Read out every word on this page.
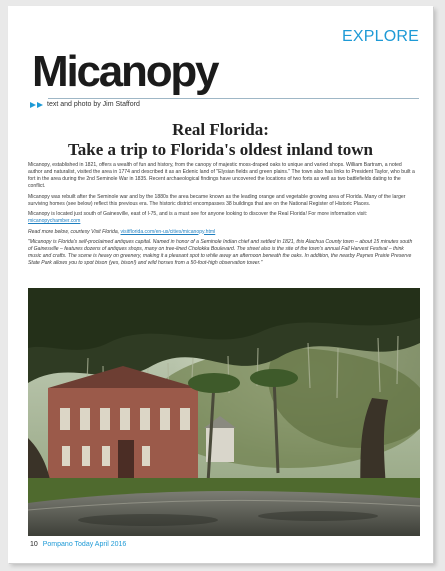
EXPLORE
Micanopy
text and photo by Jim Stafford
Real Florida:
Take a trip to Florida's oldest inland town

Micanopy, established in 1821, offers a wealth of fun and history, from the canopy of majestic moss-draped oaks to unique and varied shops. William Bartram, a noted author and naturalist, visited the area in 1774 and described it as an Edenic land of "Elysian fields and green plains." The town also has links to President Taylor, who built a fort in the area during the 2nd Seminole War in 1835. Recent archaeological findings have uncovered the locations of two forts as well as two battlefields dating to the conflict.

Micanopy was rebuilt after the Seminole war and by the 1880s the area became known as the leading orange and vegetable growing area of Florida. Many of the larger surviving homes (see below) reflect this previous era. The historic district encompasses 38 buildings that are on the National Register of Historic Places.

Micanopy is located just south of Gainesville, east of I-75, and is a must see for anyone looking to discover the Real Florida! For more information visit: micanopychamber.com

Read more below, courtesy Visit Florida, visitflorida.com/en-us/cities/micanopy.html

"Micanopy is Florida's self-proclaimed antiques capital. Named in honor of a Seminole Indian chief and settled in 1821, this Alachua County town – about 15 minutes south of Gainesville – features dozens of antiques shops, many on tree-lined Cholokka Boulevard. The street also is the site of the town's annual Fall Harvest Festival – think music and crafts. The scene is heavy on greenery, making it a pleasant spot to while away an afternoon beneath the oaks. In addition, the nearby Paynes Prairie Preserve State Park allows you to spot bison (yes, bison!) and wild horses from a 50-foot-high observation tower."

10 Pompano Today April 2016
